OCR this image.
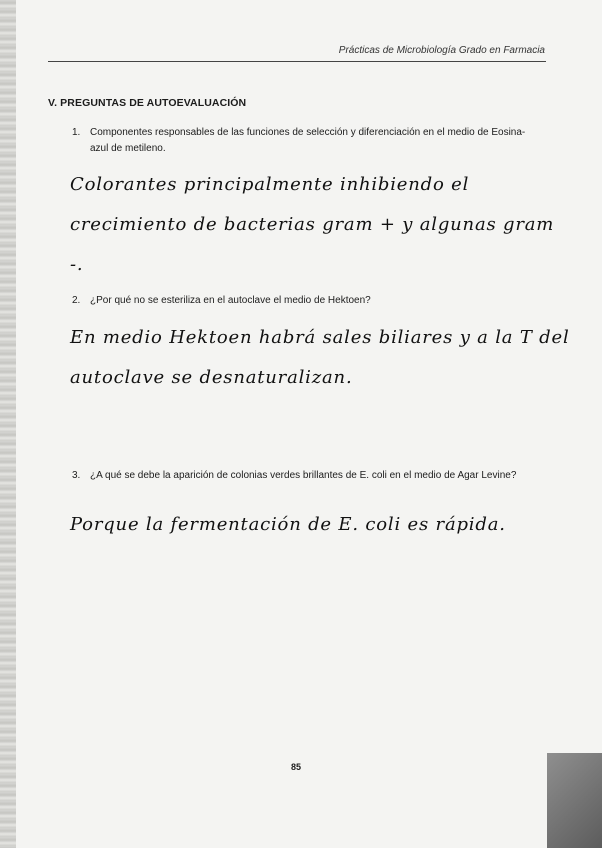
Prácticas de Microbiología Grado en Farmacia
V. PREGUNTAS DE AUTOEVALUACIÓN
1. Componentes responsables de las funciones de selección y diferenciación en el medio de Eosina-azul de metileno.
Colorantes principalmente inhibiendo el crecimiento de bacterias gram + y algunas gram -.
2. ¿Por qué no se esteriliza en el autoclave el medio de Hektoen?
En medio Hektoen habrá sales biliares y a la T del autoclave se desnaturalizan.
3. ¿A qué se debe la aparición de colonias verdes brillantes de E. coli en el medio de Agar Levine?
Porque la fermentación de E. coli es rápida.
85
